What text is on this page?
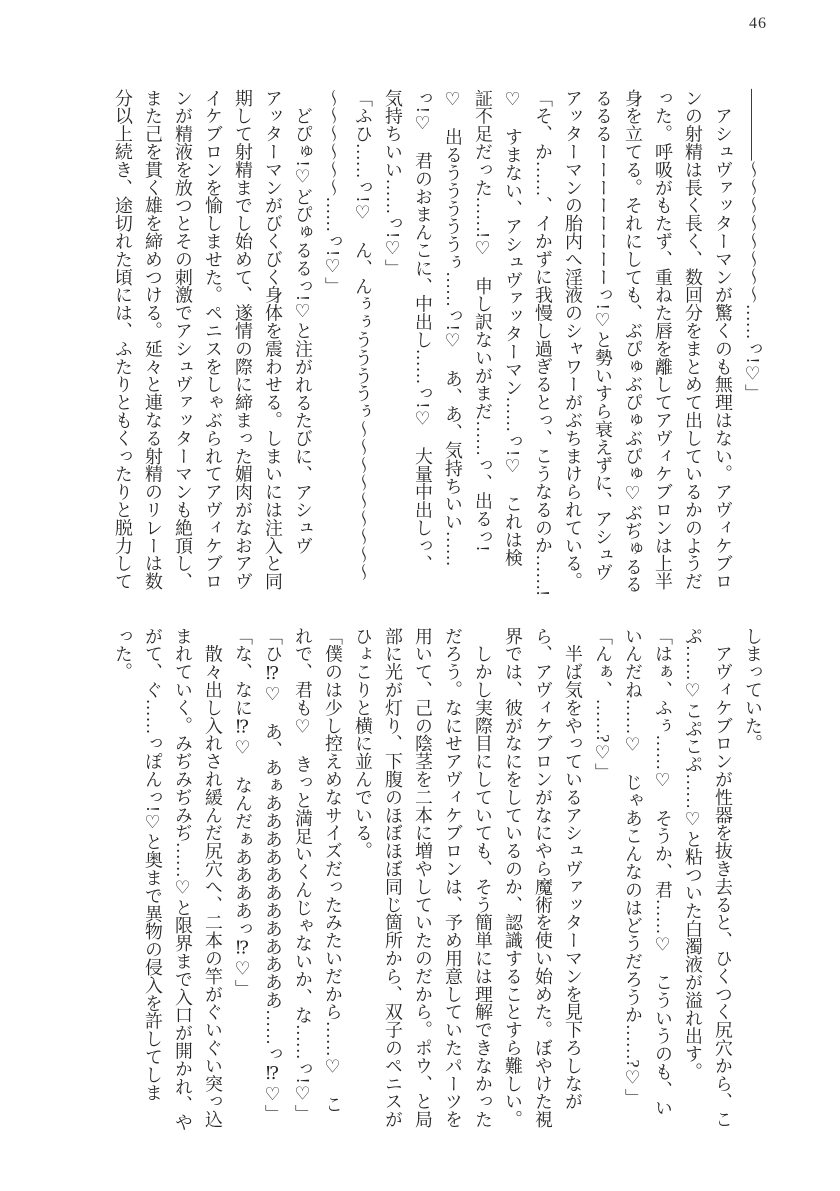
46

――――〜〜〜〜〜〜〜〜……っ!♡」

　アシュヴァッターマンが驚くのも無理はない。アヴィケブロ

ンの射精は長く長く、数回分をまとめて出しているかのようだ

った。呼吸がもたず、重ねた唇を離してアヴィケブロンは上半

身を立てる。それにしても、ぶぴゅぶぴゅぶぴゅ♡ぶぢゅるる

るるるーーーーーーーーっ!♡と勢いすら衰えずに、アシュヴ

アッターマンの胎内へ淫液のシャワーがぶちまけられている。

「そ、か……、イかずに我慢し過ぎるとっ、こうなるのか……!

♡　すまない、アシュヴァッターマン……っ!♡　これは検

証不足だった……!♡　申し訳ないがまだ……っ、出るっ!

♡　出るうううううぅ……っ!♡　あ、あ、気持ちいい……

っ!♡　君のおまんこに、中出し……っ!♡　大量中出しっ、

気持ちいい……っ!♡」

「ふひ……っ!♡　ん、んぅぅううううぅ〜〜〜〜〜〜〜〜〜

〜〜〜〜〜〜……っ!♡」

　どぴゅ!♡どぴゅるるっ!♡と注がれるたびに、アシュヴ

アッターマンがびくびく身体を震わせる。しまいには注入と同

期して射精までし始めて、遂情の際に締まった媚肉がなおアヴ

イケブロンを愉しませた。ペニスをしゃぶられてアヴィケブロ

ンが精液を放つとその刺激でアシュヴァッターマンも絶頂し、

また己を貫く雄を締めつける。延々と連なる射精のリレーは数

分以上続き、途切れた頃には、ふたりともくったりと脱力して

しまっていた。

　アヴィケブロンが性器を抜き去ると、ひくつく尻穴から、こ

ぷ……♡こぷこぷ……♡と粘ついた白濁液が溢れ出す。

「はぁ、ふぅ……♡　そうか、君……♡　こういうのも、い

いんだね……♡　じゃあこんなのはどうだろうか……?♡」

「んぁ、……?♡」

　半ば気をやっているアシュヴァッターマンを見下ろしなが

ら、アヴィケブロンがなにやら魔術を使い始めた。ぼやけた視

界では、彼がなにをしているのか、認識することすら難しい。

　しかし実際目にしていても、そう簡単には理解できなかった

だろう。なにせアヴィケブロンは、予め用意していたパーツを

用いて、己の陰茎を二本に増やしていたのだから。ポウ、と局

部に光が灯り、下腹のほぼほぼ同じ箇所から、双子のペニスが

ひょこりと横に並んでいる。

「僕のは少し控えめなサイズだったみたいだから……♡　こ

れで、君も♡　きっと満足いくんじゃないか、な……っ!♡」

「ひ⁉♡　あ、あぁああああああああああああ……っ⁉♡」

「な、なに⁉♡　なんだぁああああっ⁉♡」

　散々出し入れされ緩んだ尻穴へ、二本の竿がぐいぐい突っ込

まれていく。みぢみぢみぢ……♡と限界まで入口が開かれ、や

がて、ぐ……っぽんっ!♡と奥まで異物の侵入を許してしま

った。
